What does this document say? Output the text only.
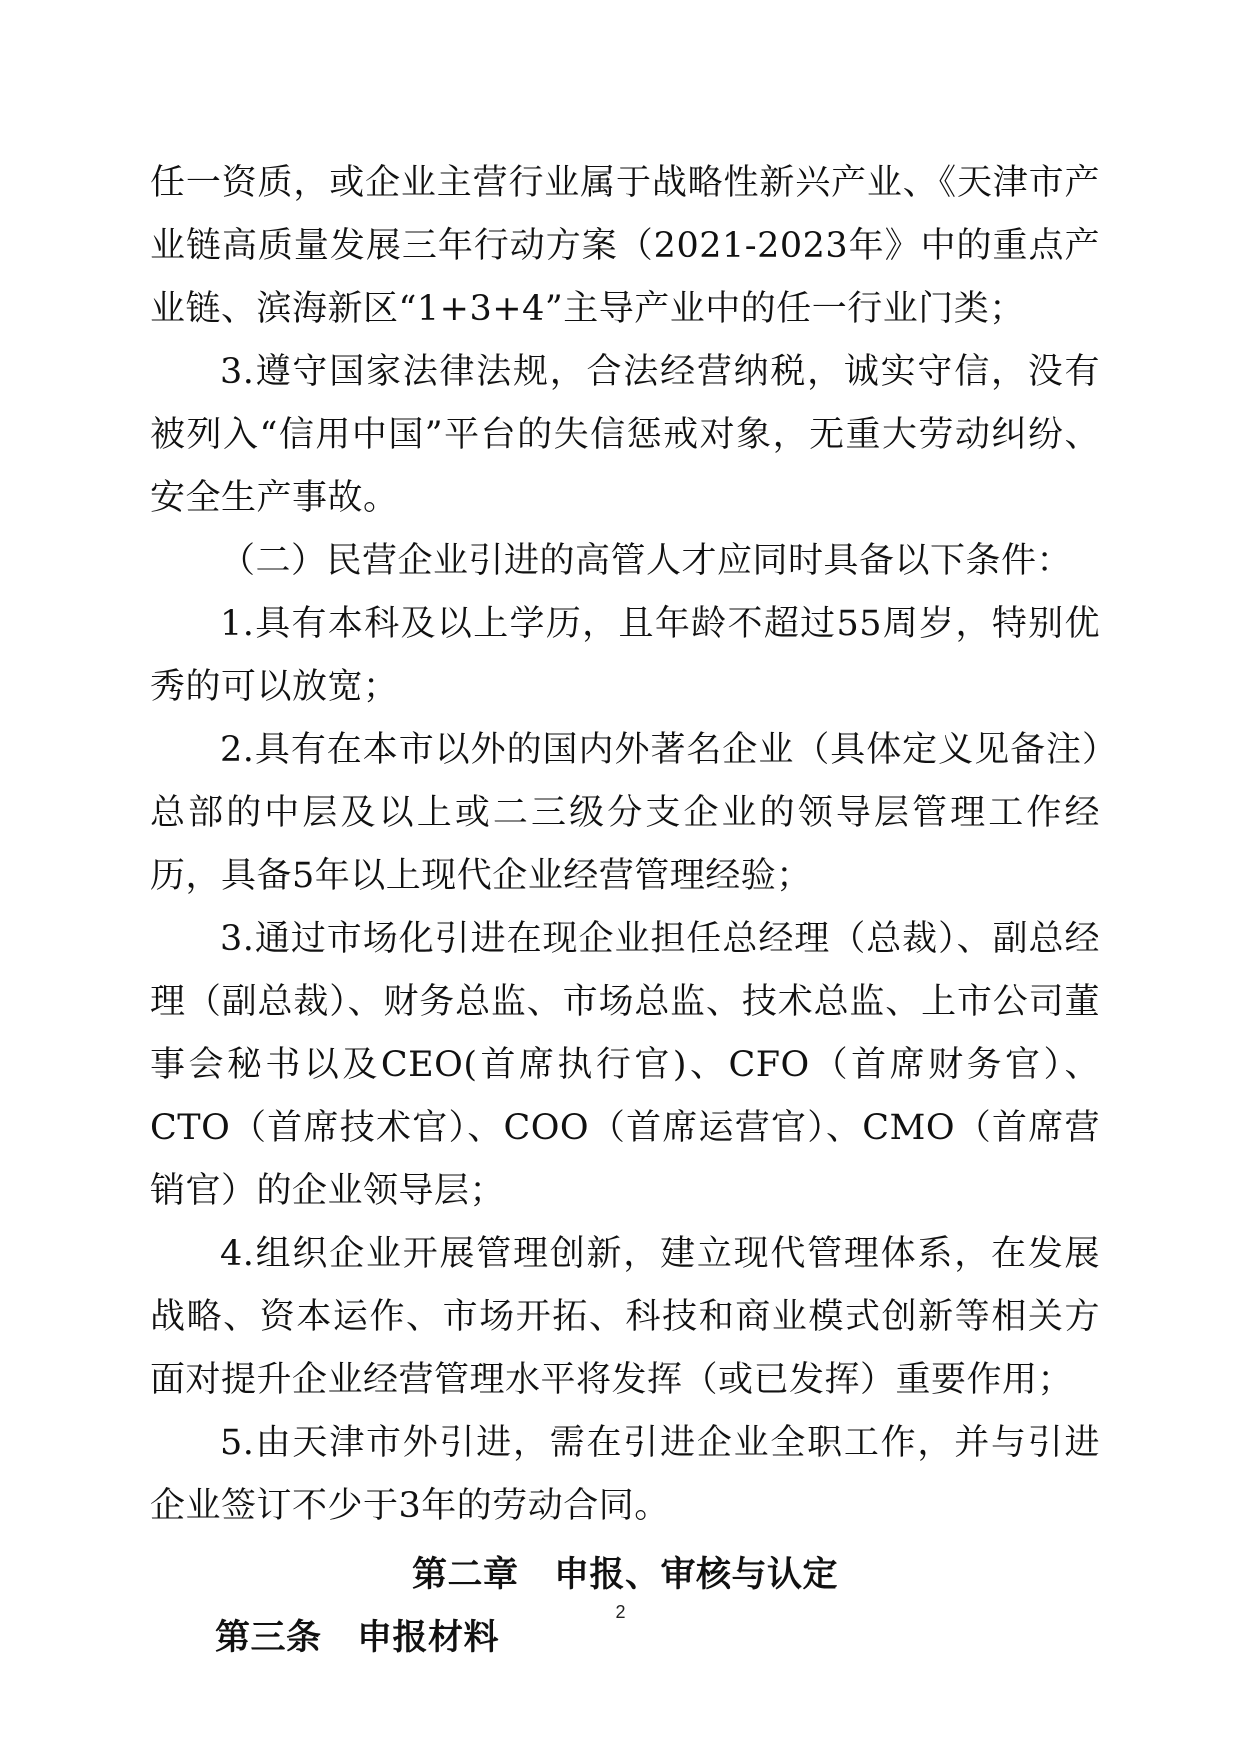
任一资质，或企业主营行业属于战略性新兴产业、《天津市产业链高质量发展三年行动方案（2021-2023年》中的重点产业链、滨海新区“1+3+4”主导产业中的任一行业门类；

3.遵守国家法律法规，合法经营纳税，诚实守信，没有被列入“信用中国”平台的失信惩戒对象，无重大劳动纠纷、安全生产事故。

（二）民营企业引进的高管人才应同时具备以下条件：

1.具有本科及以上学历，且年龄不超过55周岁，特别优秀的可以放宽；

2.具有在本市以外的国内外著名企业（具体定义见备注）总部的中层及以上或二三级分支企业的领导层管理工作经历，具备5年以上现代企业经营管理经验；

3.通过市场化引进在现企业担任总经理（总裁）、副总经理（副总裁）、财务总监、市场总监、技术总监、上市公司董事会秘书以及CEO(首席执行官)、CFO（首席财务官）、CTO（首席技术官）、COO（首席运营官）、CMO（首席营销官）的企业领导层；

4.组织企业开展管理创新，建立现代管理体系，在发展战略、资本运作、市场开拓、科技和商业模式创新等相关方面对提升企业经营管理水平将发挥（或已发挥）重要作用；

5.由天津市外引进，需在引进企业全职工作，并与引进企业签订不少于3年的劳动合同。

第二章　申报、审核与认定

第三条　申报材料

2
